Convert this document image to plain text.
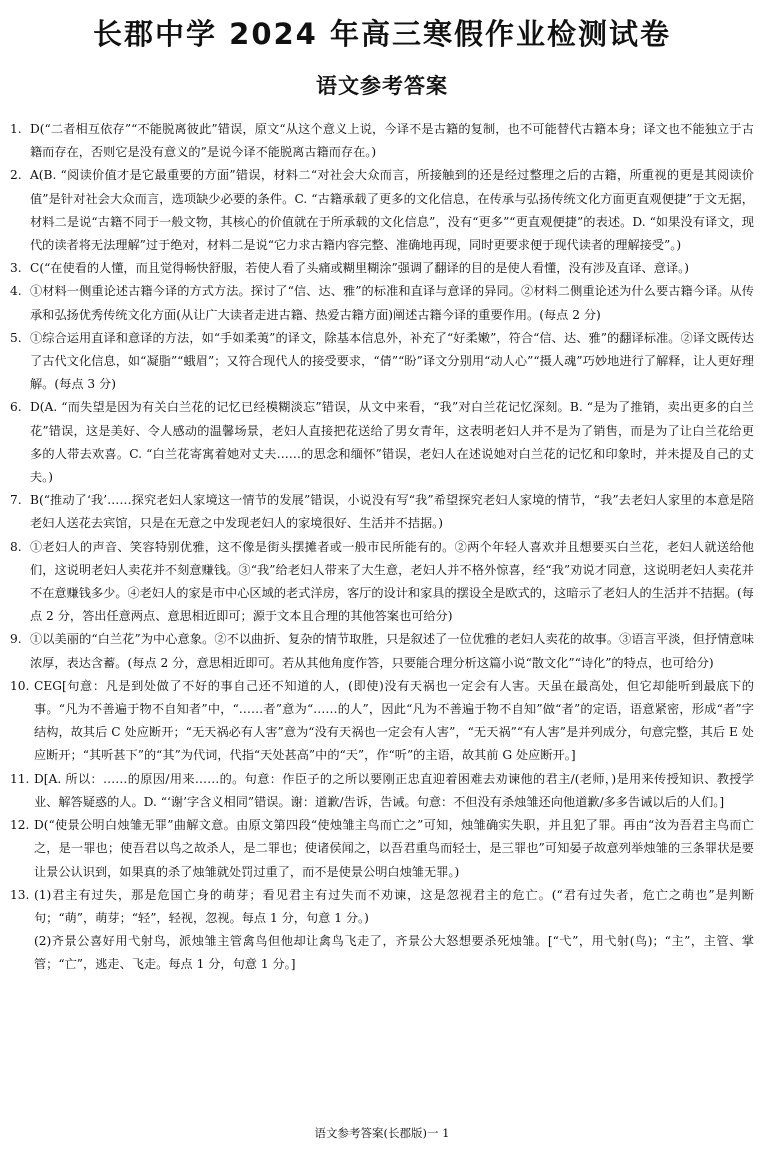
长郡中学 2024 年高三寒假作业检测试卷
语文参考答案
1. D(“二者相互依存”“不能脱离彼此”错误，原文“从这个意义上说，今译不是古籍的复制，也不可能替代古籍本身；译文也不能独立于古籍而存在，否则它是没有意义的”是说今译不能脱离古籍而存在。)
2. A(B. “阅读价值才是它最重要的方面”错误，材料二“对社会大众而言，所接触到的还是经过整理之后的古籍，所重视的更是其阅读价值”是针对社会大众而言，选项缺少必要的条件。C. “古籍承载了更多的文化信息，在传承与弘扬传统文化方面更直观便捷”于文无据，材料二是说“古籍不同于一般文物，其核心的价值就在于所承载的文化信息”，没有“更多”“更直观便捷”的表述。D. “如果没有译文，现代的读者将无法理解”过于绝对，材料二是说“它力求古籍内容完整、准确地再现，同时更要求便于现代读者的理解接受”。)
3. C(“在使看的人懂，而且觉得畅快舒服，若使人看了头痛或糊里糊涂”强调了翻译的目的是使人看懂，没有涉及直译、意译。)
4. ①材料一侧重论述古籍今译的方式方法。探讨了“信、达、雅”的标准和直译与意译的异同。②材料二侧重论述为什么要古籍今译。从传承和弘扬优秀传统文化方面(从让广大读者走进古籍、热爱古籍方面)阐述古籍今译的重要作用。(每点 2 分)
5. ①综合运用直译和意译的方法，如“手如柔荑”的译文，除基本信息外，补充了“好柔嫩”，符合“信、达、雅”的翻译标准。②译文既传达了古代文化信息，如“凝脂”“蛾眉”；又符合现代人的接受要求，“倩”“盼”译文分别用“动人心”“摄人魂”巧妙地进行了解释，让人更好理解。(每点 3 分)
6. D(A. “而失望是因为有关白兰花的记忆已经模糊淡忘”错误，从文中来看，“我”对白兰花记忆深刻。B. “是为了推销，卖出更多的白兰花”错误，这是美好、令人感动的温馨场景，老妇人直接把花送给了男女青年，这表明老妇人并不是为了销售，而是为了让白兰花给更多的人带去欢喜。C. “白兰花寄寓着她对丈夫……的思念和缅怀”错误，老妇人在述说她对白兰花的记忆和印象时，并未提及自己的丈夫。)
7. B(“推动了‘我’……探究老妇人家境这一情节的发展”错误，小说没有写“我”希望探究老妇人家境的情节，“我”去老妇人家里的本意是陪老妇人送花去宾馆，只是在无意之中发现老妇人的家境很好、生活并不拮据。)
8. ①老妇人的声音、笑容特别优雅，这不像是街头摆摊者或一般市民所能有的。②两个年轻人喜欢并且想要买白兰花，老妇人就送给他们，这说明老妇人卖花并不刻意赚钱。③“我”给老妇人带来了大生意，老妇人并不格外惊喜，经“我”劝说才同意，这说明老妇人卖花并不在意赚钱多少。④老妇人的家是市中心区域的老式洋房，客厅的设计和家具的摆设全是欧式的，这暗示了老妇人的生活并不拮据。(每点 2 分，答出任意两点、意思相近即可；源于文本且合理的其他答案也可给分)
9. ①以美丽的“白兰花”为中心意象。②不以曲折、复杂的情节取胜，只是叙述了一位优雅的老妇人卖花的故事。③语言平淡，但抒情意味浓厚，表达含蓄。(每点 2 分，意思相近即可。若从其他角度作答，只要能合理分析这篇小说“散文化”“诗化”的特点，也可给分)
10. CEG[句意：凡是到处做了不好的事自己还不知道的人，(即使)没有天祸也一定会有人害。天虽在最高处，但它却能听到最底下的事。“凡为不善遍于物不自知者”中，“……者”意为“……的人”，因此“凡为不善遍于物不自知”做“者”的定语，语意紧密，形成“者”字结构，故其后 C 处应断开；“无天祸必有人害”意为“没有天祸也一定会有人害”，“无天祸”“有人害”是并列成分，句意完整，其后 E 处应断开；“其听甚下”的“其”为代词，代指“天处甚高”中的“天”，作“听”的主语，故其前 G 处应断开。]
11. D[A. 所以：……的原因/用来……的。句意：作臣子的之所以要刚正忠直迎着困难去劝谏他的君主/(老师，)是用来传授知识、教授学业、解答疑惑的人。D. “‘谢’字含义相同”错误。谢：道歉/告诉，告诫。句意：不但没有杀烛雏还向他道歉/多多告诫以后的人们。]
12. D(“使景公明白烛雏无罪”曲解文意。由原文第四段“使烛雏主鸟而亡之”可知，烛雏确实失职，并且犯了罪。再由“汝为吾君主鸟而亡之，是一罪也；使吾君以鸟之故杀人，是二罪也；使诸侯闻之，以吾君重鸟而轻士，是三罪也”可知晏子故意列举烛雏的三条罪状是要让景公认识到，如果真的杀了烛雏就处罚过重了，而不是使景公明白烛雏无罪。)
13. (1)君主有过失，那是危国亡身的萌芽；看见君主有过失而不劝谏，这是忽视君主的危亡。(“君有过失者，危亡之萌也”是判断句；“萌”，萌芽；“轻”，轻视，忽视。每点 1 分，句意 1 分。)
(2)齐景公喜好用弋射鸟，派烛雏主管禽鸟但他却让禽鸟飞走了，齐景公大怒想要杀死烛雏。[“弋”，用弋射(鸟)；“主”，主管、掌管；“亡”，逃走、飞走。每点 1 分，句意 1 分。]
语文参考答案(长郡版)一 1
